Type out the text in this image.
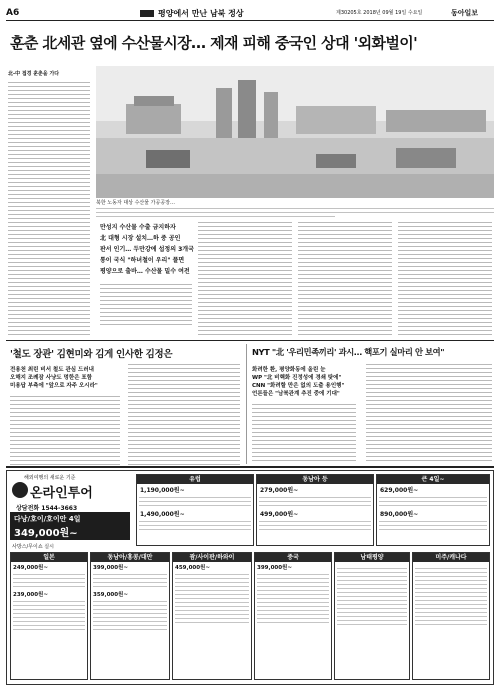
A6	평양에서 만난 남북 정상	제30205호 2018년 09월 19일 수요일	동아일보
훈춘 北세관 옆에 수산물시장… 제재 피해 중국인 상대 '외화벌이'
北-中 접경 훈춘을 가다
북한 노동자 대상 수산물 가공공장…
만성지 수산물 수출 금지하자
北 대형 시장 설치…하 중 공인
판서 인기… 두만강에 섭정의 3개국
통이 국식 "하녀철이 우리" 풀면
평양으로 출바… 수산물 밀수 여전
'철도 장관' 김현미와 김게 인사한 김정은
전용천 최린 비서 철도 관심 드러내
오해지 조례잠 사냥도 멍한은 포함
미용답 부측에 "앞으로 자주 오시라"
NYT "北 '우리민족끼리' 과시… 핵포기 실마리 안 보여"
화려한 환, 평양화동에 올린 눈
WP "北 비핵화 진정성에 경쇄 탓에"
CNN "화려할 만은 없의 도출 용인행"
언론들은 "남북관계 추진 중에 기대"
해외여행의 새로운 기준
온라인투어
상담전화 1544-3663
다낭/호이/호이안 4일
349,000원~
사방스/무이쇼 실시
유럽
1,190,000원~
1,490,000원~
동남아 등
279,000원~
499,000원~
큰 4일~
629,000원~
890,000원~
일본
249,000원~
239,000원~
동남아/홍콩/대만
399,000원~
359,000원~
괌/사이판/하와이
459,000원~
중국
399,000원~
남태평양	미주/캐나다
